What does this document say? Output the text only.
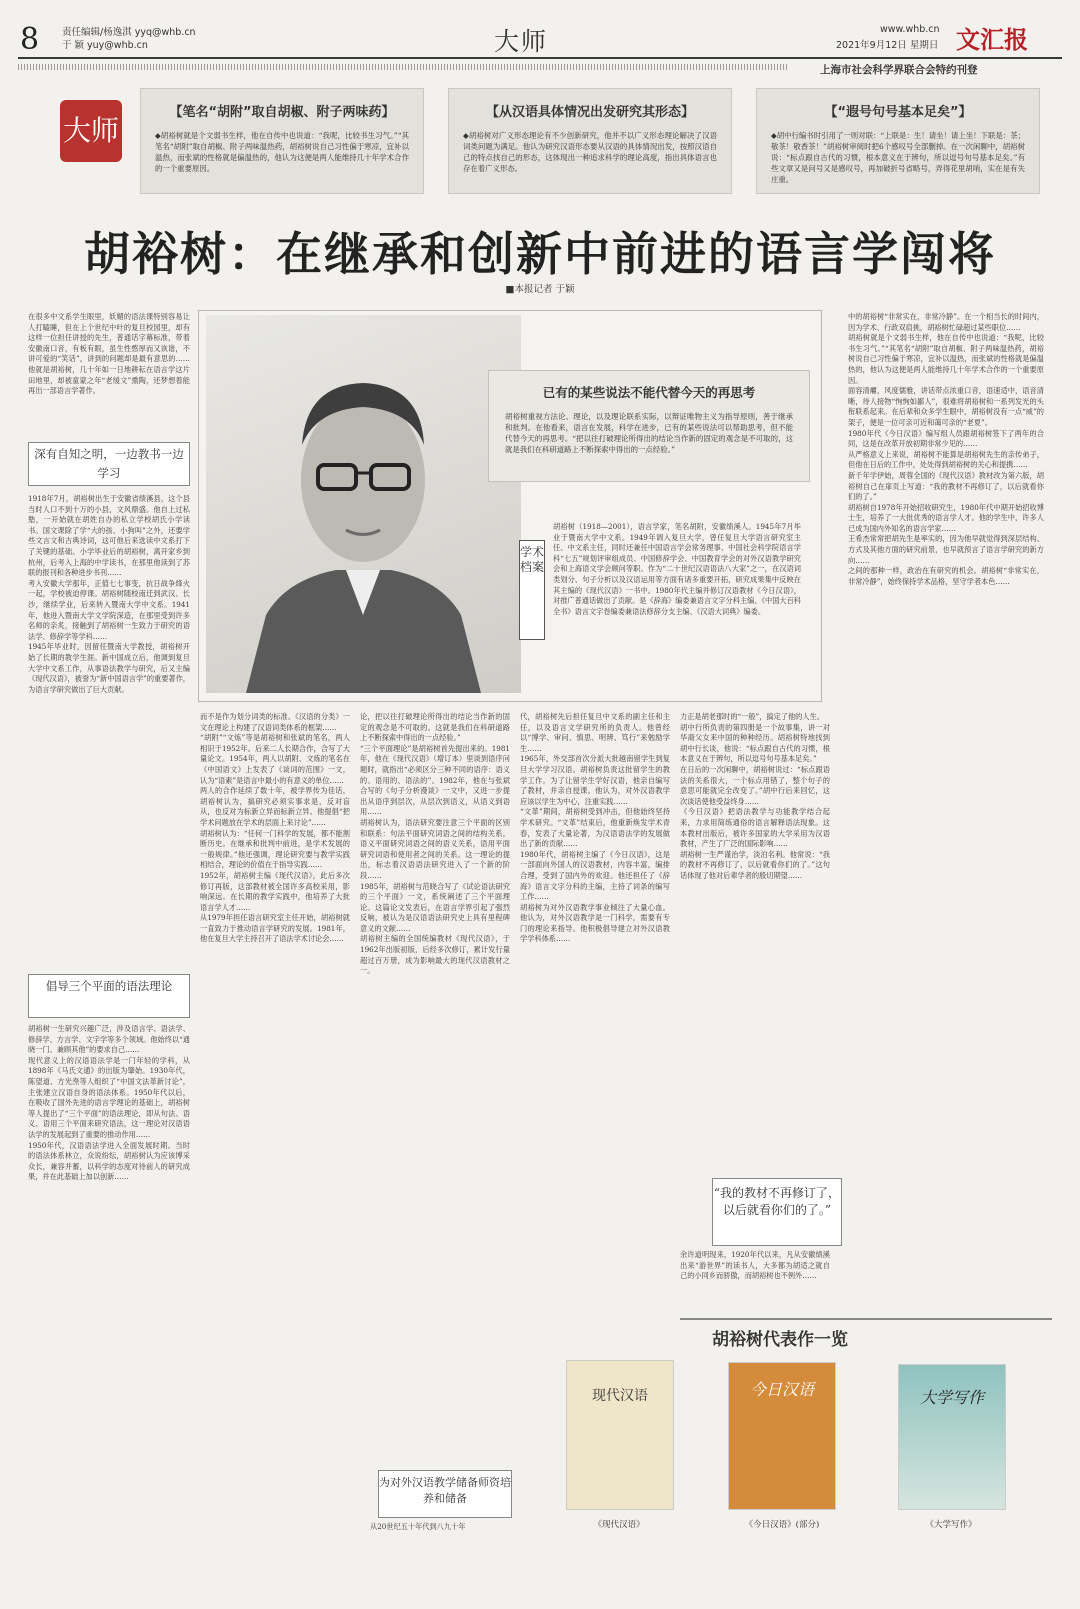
8 责任编辑/杨逸淇 yyq@whb.cn
于 颖 yuy@whb.cn	大师	www.whb.cn
2021年9月12日 星期日 文汇报
上海市社会科学界联合会特约刊登
大师
【笔名“胡附”取自胡椒、附子两味药】
◆胡裕树就是个文弱书生样，他在自传中也说道：“我呢，比较书生习气。”“其笔名“胡附”取自胡椒、附子两味温热药，胡裕树说自己习性偏于寒凉，宜补以温热，而张斌的性格就是偏温热的，他认为这便是两人能维持几十年学术合作的一个重要原因。
【从汉语具体情况出发研究其形态】
◆胡裕树对广义形态理论有不少创新研究，他并不以广义形态理论解决了汉语词类问题为满足。他认为研究汉语形态要从汉语的具体情况出发，按照汉语自己的特点找自己的形态，这体现出一种追求科学的理论高度，指出具体语言也存在着广义形态。
【“遐号句号基本足矣”】
◆胡中行编书时引用了一则对联：“上联是：生！请坐！请上坐！下联是：茶；敬茶！敬香茶！”胡裕树审阅时把6个感叹号全部删掉。在一次闲聊中，胡裕树说：“标点跟自古代的习惯，根本意义在于辨句，所以逗号句号基本足矣。”有些文章又是问号又是感叹号，再加破折号省略号，弄得花里胡哨，实在是有失庄重。
胡裕树：在继承和创新中前进的语言学闯将
■本报记者 于颖
在很多中文系学生眼里，妖媚的语法课特别容易让人打瞌睡，但在上个世纪中叶的复旦校园里，却有这样一位担任讲授的先生，普通话字幕标准，带着安徽南口音，有板有眼，虽生性憨厚而又诙谐，不讲可爱的“笑话”，讲到的问题却是最有意思的……他就是胡裕树，几十年如一日地耕耘在语言学这片田地里，却被童蒙之年“老缓文”熏陶，还梦想着能再出一部语言学著作。
深有自知之明，一边教书一边学习
1918年7月，胡裕树出生于安徽省绩溪县，这个县当时人口不到十万的小县，文风鼎盛。他自上过私塾，一开始就在胡姓自办的私立学校胡氏小学读书。国文课除了学“大的孩、小狗叫”之外，还要学些文言文和古典诗词，这可他后来选读中文系打下了关键的基础。小学毕业后的胡裕树，离开家乡到杭州，后考入上海的中学读书，在那里他读到了苏联的报刊和各种进步书刊……
考入安徽大学那年，正值七七事变，抗日战争烽火一起，学校被迫停课。胡裕树随校南迁到武汉、长沙，继续学业，后来转入暨南大学中文系。1941年，他进入暨南大学文学院深造，在那里受到许多名师的亲炙，接触到了胡裕树一生致力于研究的语法学、修辞学等学科……
1945年毕业时，因留任暨南大学教授，胡裕树开始了长期的教学生涯。新中国成立后，他调到复旦大学中文系工作，从事语法教学与研究，后又主编《现代汉语》，被誉为“新中国语言学”的重要著作，为语言学研究做出了巨大贡献。
倡导三个平面的语法理论
胡裕树一生研究兴趣广泛，涉及语言学、语法学、修辞学、方言学、文字学等多个领域。他始终以“通晓一门、兼顾其他”的要求自己……
现代意义上的汉语语法学是一门年轻的学科，从1898年《马氏文通》的出版为肇始。1930年代，陈望道、方光焘等人组织了“中国文法革新讨论”，主张建立汉语自身的语法体系。1950年代以后，在吸收了国外先进的语言学理论的基础上，胡裕树等人提出了“三个平面”的语法理论，即从句法、语义、语用三个平面来研究语法，这一理论对汉语语法学的发展起到了重要的推动作用……
1950年代，汉语语法学进入全面发展时期。当时的语法体系林立，众说纷纭，胡裕树认为应该博采众长，兼容并蓄，以科学的态度对待前人的研究成果，并在此基础上加以创新……
已有的某些说法不能代替今天的再思考
胡裕树重视方法论、理论，以及理论联系实际，以辩证唯物主义为指导原则，善于继承和批判。在他看来，语言在发展，科学在进步，已有的某些说法可以帮助思考，但不能代替今天的再思考。“把以往打破理论所得出的结论当作新的固定的观念是不可取的，这就是我们在科研道路上不断探索中得出的一点经验。”
学术档案
胡裕树（1918—2001），语言学家，笔名胡附，安徽绩溪人。1945年7月毕业于暨南大学中文系。1949年调入复旦大学，曾任复旦大学语言研究室主任、中文系主任，同时还兼任中国语言学会常务理事、中国社会科学院语言学科“七五”规划评审组成员、中国修辞学会、中国教育学会的对外汉语教学研究会和上海语文学会顾问等职。作为“二十世纪汉语语法八大家”之一，在汉语词类划分、句子分析以及汉语运用等方面有诸多重要开拓，研究成果集中反映在其主编的《现代汉语》一书中。1980年代主编并修订汉语教材《今日汉语》，对推广普通话做出了贡献。是《辞海》编委兼语言文字分科主编、《中国大百科全书》语言文字卷编委兼语法修辞分支主编、《汉语大词典》编委。
而不是作为划分词类的标准。《汉语的分类》一文在理论上构建了汉语词类体系的框架……
“胡附”“文炼”等是胡裕树和张斌的笔名，两人相识于1952年。后来二人长期合作，合写了大量论文。1954年，两人以胡附、文炼的笔名在《中国语文》上发表了《谈词的范围》一文，认为“语素”是语言中最小的有意义的单位……
两人的合作延续了数十年，被学界传为佳话。胡裕树认为，搞研究必须实事求是，反对盲从，也反对为标新立异而标新立异。他提倡“把学术问题放在学术的层面上来讨论”……
胡裕树认为：“任何一门科学的发展，都不能割断历史。在继承和批判中前进，是学术发展的一般规律。”他还强调，理论研究要与教学实践相结合，理论的价值在于指导实践……
1952年，胡裕树主编《现代汉语》，此后多次修订再版，这部教材被全国许多高校采用，影响深远。在长期的教学实践中，他培养了大批语言学人才……
从1979年担任语言研究室主任开始，胡裕树就一直致力于推动语言学研究的发展。1981年，他在复旦大学主持召开了语法学术讨论会……
论，把以往打破理论所得出的结论当作新的固定的观念是不可取的。这就是我们在科研道路上不断探索中得出的一点经验。”
“三个平面理论”是胡裕树首先提出来的。1981年，他在《现代汉语》（增订本）里谈到语序问题时，就指出“必须区分三种不同的语序：语义的、语用的、语法的”。1982年，他在与张斌合写的《句子分析漫谈》一文中，又进一步提出从语序到层次，从层次到语义，从语义到语用……
胡裕树认为，语法研究要注意三个平面的区别和联系：句法平面研究词语之间的结构关系，语义平面研究词语之间的语义关系，语用平面研究词语和使用者之间的关系。这一理论的提出，标志着汉语语法研究进入了一个新的阶段……
1985年，胡裕树与范晓合写了《试论语法研究的三个平面》一文，系统阐述了三个平面理论。这篇论文发表后，在语言学界引起了强烈反响，被认为是汉语语法研究史上具有里程碑意义的文献……
胡裕树主编的全国统编教材《现代汉语》，于1962年出版初版，后经多次修订，累计发行量超过百万册，成为影响最大的现代汉语教材之一。
代，胡裕树先后担任复旦中文系的副主任和主任，以及语言文学研究所的负责人。他曾经以“博学、审问、慎思、明辨、笃行”来勉励学生……
1965年，外交部首次分派大批越南留学生到复旦大学学习汉语。胡裕树负责这批留学生的教学工作。为了让留学生学好汉语，他亲自编写了教材，并亲自授课。他认为，对外汉语教学应该以学生为中心，注重实践……
“文革”期间，胡裕树受到冲击，但他始终坚持学术研究。“文革”结束后，他重新焕发学术青春，发表了大量论著，为汉语语法学的发展做出了新的贡献……
1980年代，胡裕树主编了《今日汉语》，这是一部面向外国人的汉语教材，内容丰富，编排合理，受到了国内外的欢迎。他还担任了《辞海》语言文字分科的主编，主持了词条的编写工作……
胡裕树为对外汉语教学事业倾注了大量心血。他认为，对外汉语教学是一门科学，需要有专门的理论来指导。他积极倡导建立对外汉语教学学科体系……
为对外汉语教学储备师资培养和储备
从20世纪五十年代到八九十年
力正是胡老那时的“一般”，搞定了他的人生。
胡中行所负责的第四册是一个故事集，讲一对华裔父女来中国的种种经历。胡裕树特地找到胡中行长谈，他说：“标点跟自古代的习惯，根本意义在于辨句，所以逗号句号基本足矣。”
在日后的一次闲聊中，胡裕树说过：“标点跟语法的关系很大，一个标点用错了，整个句子的意思可能就完全改变了。”胡中行后来回忆，这次谈话使他受益终身……
《今日汉语》把语法教学与功能教学结合起来，力求用简练通俗的语言解释语法现象。这本教材出版后，被许多国家的大学采用为汉语教材，产生了广泛的国际影响……
胡裕树一生严谨治学，淡泊名利。他常说：“我的教材不再修订了，以后就看你们的了。”这句话体现了他对后辈学者的殷切期望……
“我的教材不再修订了，以后就看你们的了。”
余许道明现来，1920年代以来，凡从安徽绩溪出来“游世界”的读书人，大多都为胡适之就自己的小同乡而骄傲，而胡裕树也不例外……
中的胡裕树“非常实在，非常冷静”。在一个相当长的时间内，因为学术、行政双肩挑，胡裕树忙碌超过某些职位……
胡裕树就是个文弱书生样，他在自传中也说道：“我呢，比较书生习气。”“其笔名“胡附”取自胡椒、附子两味温热药，胡裕树说自己习性偏于寒凉，宜补以温热，而张斌的性格就是偏温热的，他认为这便是两人能维持几十年学术合作的一个重要原因。
面容清癯，风度儒雅，讲话带点浓重口音，语速适中，语音清晰，待人接物“恂恂如鄙人”，很难将胡裕树和一系列发光的头衔联系起来。在后辈和众多学生眼中，胡裕树没有一点“威”的架子，便是一位可亲可近和蔼可亲的“老夏”。
1980年代《今日汉语》编写组人员跟胡裕树签下了两年的合同，这是在改革开放初期非常少见的……
从严格意义上来说，胡裕树不能算是胡裕树先生的亲传弟子，但他在日后的工作中，处处得到胡裕树的关心和提携……
新千年学伊始，周蓉全国的《现代汉语》教材改为第六版，胡裕树自己在扉页上写道：“我的教材不再修订了，以后就看你们的了。”
胡裕树自1978年开始招收研究生，1980年代中期开始招收博士生，培养了一大批优秀的语言学人才。他的学生中，许多人已成为国内外知名的语言学家……
王希杰常常把胡先生是率实的，因为他早就觉得到深层结构、方式及其他方面的研究前景，也早就预言了语言学研究的新方向……
之间的那种一样，政治在有研究的机会。胡裕树“非常实在，非常冷静”，始终保持学术品格，坚守学者本色……
胡裕树代表作一览
现代汉语
《现代汉语》
今日汉语
《今日汉语》(部分)
大学写作
《大学写作》
